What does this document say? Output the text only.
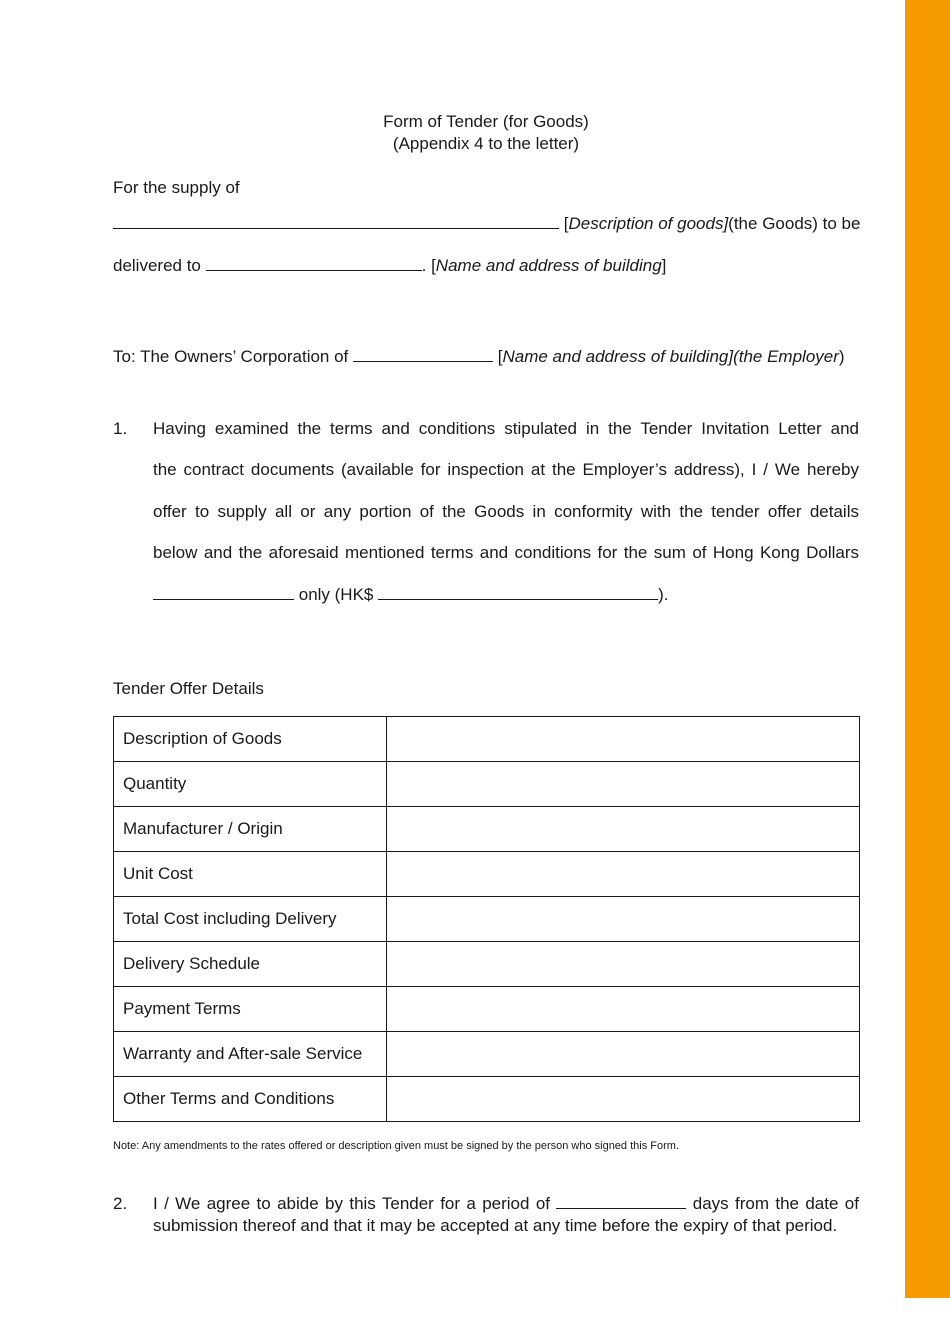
Form of Tender (for Goods)
(Appendix 4 to the letter)
For the supply of
[Description of goods](the Goods) to be
delivered to	. [Name and address of building]
To: The Owners’ Corporation of	[Name and address of building](the Employer)
1. Having examined the terms and conditions stipulated in the Tender Invitation Letter and
the contract documents (available for inspection at the Employer’s address), I / We hereby
offer to supply all or any portion of the Goods in conformity with the tender offer details
below and the aforesaid mentioned terms and conditions for the sum of Hong Kong Dollars
only (HK$	).
Tender Offer Details
Description of Goods	
Quantity	
Manufacturer / Origin	
Unit Cost	
Total Cost including Delivery	
Delivery Schedule	
Payment Terms	
Warranty and After-sale Service	
Other Terms and Conditions	
Note: Any amendments to the rates offered or description given must be signed by the person who signed this Form.
2. I / We agree to abide by this Tender for a period of	days from the date of
submission thereof and that it may be accepted at any time before the expiry of that period.
